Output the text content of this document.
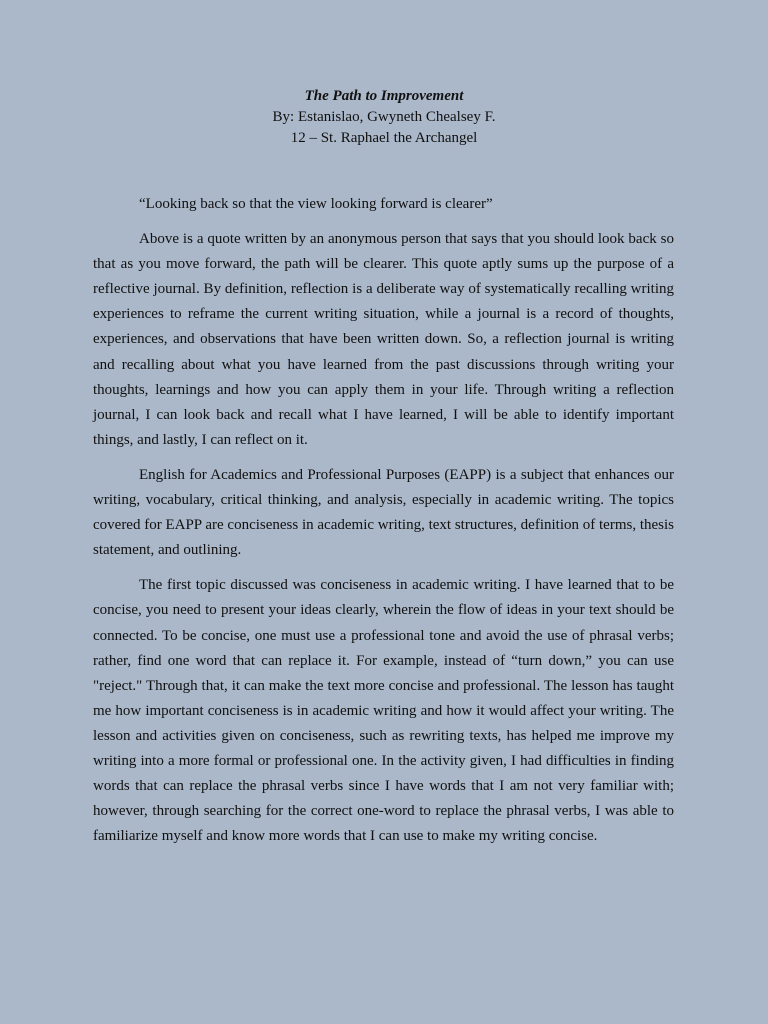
The Path to Improvement
By: Estanislao, Gwyneth Chealsey F.
12 – St. Raphael the Archangel

“Looking back so that the view looking forward is clearer”

Above is a quote written by an anonymous person that says that you should look back so that as you move forward, the path will be clearer. This quote aptly sums up the purpose of a reflective journal. By definition, reflection is a deliberate way of systematically recalling writing experiences to reframe the current writing situation, while a journal is a record of thoughts, experiences, and observations that have been written down. So, a reflection journal is writing and recalling about what you have learned from the past discussions through writing your thoughts, learnings and how you can apply them in your life. Through writing a reflection journal, I can look back and recall what I have learned, I will be able to identify important things, and lastly, I can reflect on it.

English for Academics and Professional Purposes (EAPP) is a subject that enhances our writing, vocabulary, critical thinking, and analysis, especially in academic writing. The topics covered for EAPP are conciseness in academic writing, text structures, definition of terms, thesis statement, and outlining.

The first topic discussed was conciseness in academic writing. I have learned that to be concise, you need to present your ideas clearly, wherein the flow of ideas in your text should be connected. To be concise, one must use a professional tone and avoid the use of phrasal verbs; rather, find one word that can replace it. For example, instead of “turn down,” you can use "reject." Through that, it can make the text more concise and professional. The lesson has taught me how important conciseness is in academic writing and how it would affect your writing. The lesson and activities given on conciseness, such as rewriting texts, has helped me improve my writing into a more formal or professional one. In the activity given, I had difficulties in finding words that can replace the phrasal verbs since I have words that I am not very familiar with; however, through searching for the correct one-word to replace the phrasal verbs, I was able to familiarize myself and know more words that I can use to make my writing concise.
